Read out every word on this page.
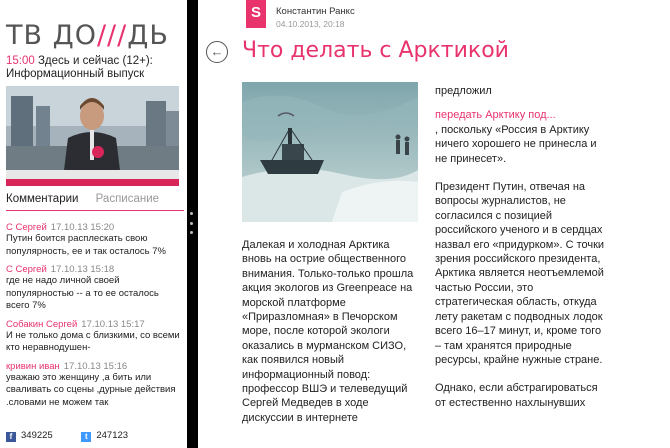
ТВ ДО///ДЬ
15:00 Здесь и сейчас (12+):
Информационный выпуск
Комментарии Расписание
С Сергей 17.10.13 15:20
Путин боится расплескать свою популярность, ее и так осталось 7%
С Сергей 17.10.13 15:18
где не надо личной своей популярностью -- а то ее осталось всего 7%
Собакин Сергей 17.10.13 15:17
И не только дома с близкими, со всеми кто неравнодушен-
кривин иван 17.10.13 15:16
уважаю это женщину ,а бить или сваливать со сцены ,дурные действия .словами не можем так
f 349225	t 247123
S	Константин Ранкс
04.10.2013, 20:18
← Что делать с Арктикой
Далекая и холодная Арктика вновь на острие общественного внимания. Только-только прошла акция экологов из Greenpeace на морской платформе «Приразломная» в Печорском море, после которой экологи оказались в мурманском СИЗО, как появился новый информационный повод: профессор ВШЭ и телеведущий Сергей Медведев в ходе дискуссии в интернете

предложил

передать Арктику под...
, поскольку «Россия в Арктику ничего хорошего не принесла и не принесет».

Президент Путин, отвечая на вопросы журналистов, не согласился с позицией российского ученого и в сердцах назвал его «придурком». С точки зрения российского президента, Арктика является неотъемлемой частью России, это стратегическая область, откуда лету ракетам с подводных лодок всего 16–17 минут, и, кроме того – там хранятся природные ресурсы, крайне нужные стране.

Однако, если абстрагироваться от естественно нахлынувших
